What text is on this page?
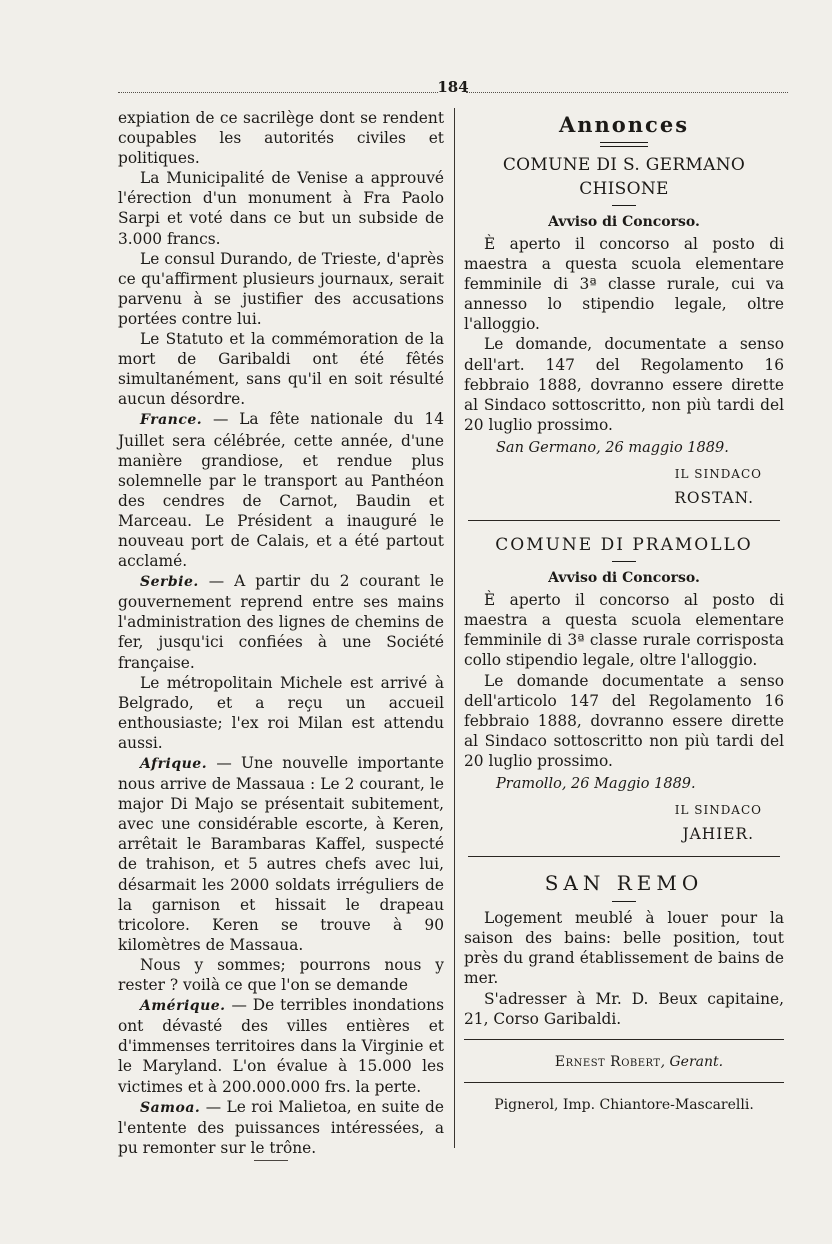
184

expiation de ce sacrilège dont se rendent coupables les autorités civiles et politiques.

La Municipalité de Venise a approuvé l'érection d'un monument à Fra Paolo Sarpi et voté dans ce but un subside de 3.000 francs.

Le consul Durando, de Trieste, d'après ce qu'affirment plusieurs journaux, serait parvenu à se justifier des accusations portées contre lui.

Le Statuto et la commémoration de la mort de Garibaldi ont été fêtés simultanément, sans qu'il en soit résulté aucun désordre.

France. — La fête nationale du 14 Juillet sera célébrée, cette année, d'une manière grandiose, et rendue plus solemnelle par le transport au Panthéon des cendres de Carnot, Baudin et Marceau. Le Président a inauguré le nouveau port de Calais, et a été partout acclamé.

Serbie. — A partir du 2 courant le gouvernement reprend entre ses mains l'administration des lignes de chemins de fer, jusqu'ici confiées à une Société française.

Le métropolitain Michele est arrivé à Belgrado, et a reçu un accueil enthousiaste; l'ex roi Milan est attendu aussi.

Afrique. — Une nouvelle importante nous arrive de Massaua : Le 2 courant, le major Di Majo se présentait subitement, avec une considérable escorte, à Keren, arrêtait le Barambaras Kaffel, suspecté de trahison, et 5 autres chefs avec lui, désarmait les 2000 soldats irréguliers de la garnison et hissait le drapeau tricolore. Keren se trouve à 90 kilomètres de Massaua.

Nous y sommes; pourrons nous y rester ? voilà ce que l'on se demande

Amérique. — De terribles inondations ont dévasté des villes entières et d'immenses territoires dans la Virginie et le Maryland. L'on évalue à 15.000 les victimes et à 200.000.000 frs. la perte.

Samoa. — Le roi Malietoa, en suite de l'entente des puissances intéressées, a pu remonter sur le trône.

Annonces
COMUNE DI S. GERMANO CHISONE
Avviso di Concorso.

È aperto il concorso al posto di maestra a questa scuola elementare femminile di 3ª classe rurale, cui va annesso lo stipendio legale, oltre l'alloggio.

Le domande, documentate a senso dell'art. 147 del Regolamento 16 febbraio 1888, dovranno essere dirette al Sindaco sottoscritto, non più tardi del 20 luglio prossimo.

San Germano, 26 maggio 1889.
IL SINDACO
ROSTAN.
COMUNE DI PRAMOLLO
Avviso di Concorso.

È aperto il concorso al posto di maestra a questa scuola elementare femminile di 3ª classe rurale corrisposta collo stipendio legale, oltre l'alloggio.

Le domande documentate a senso dell'articolo 147 del Regolamento 16 febbraio 1888, dovranno essere dirette al Sindaco sottoscritto non più tardi del 20 luglio prossimo.

Pramollo, 26 Maggio 1889.
IL SINDACO
JAHIER.
SAN REMO

Logement meublé à louer pour la saison des bains: belle position, tout près du grand établissement de bains de mer.

S'adresser à Mr. D. Beux capitaine, 21, Corso Garibaldi.

Ernest Robert, Gerant.
Pignerol, Imp. Chiantore-Mascarelli.
